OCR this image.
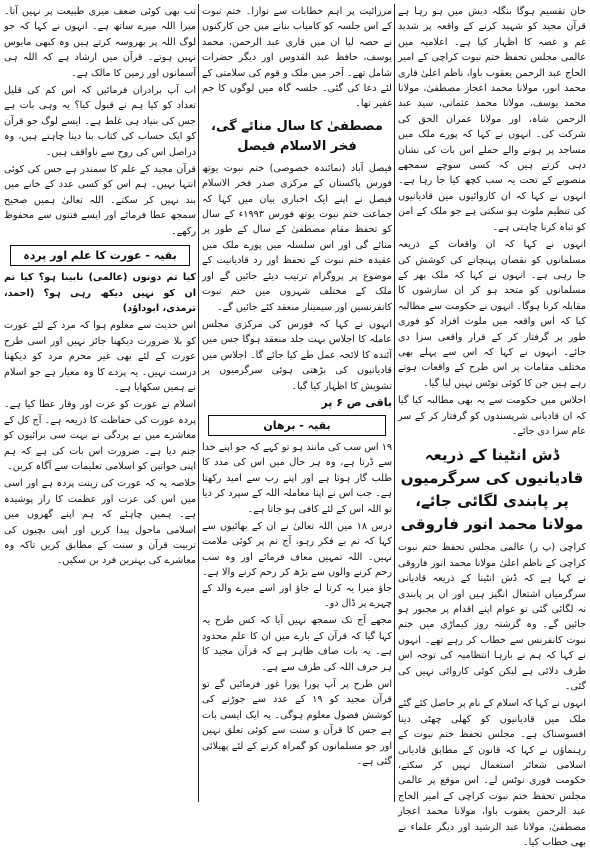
خان تقسیم ہوگا بنگلہ دیش میں ہو رہا ہے قرآن مجید کو شہید کرنے کے واقعہ پر شدید غم و غصہ کا اظہار کیا ہے۔ اعلامیہ میں عالمی مجلس تحفظ ختم نبوت کراچی کے امیر الحاج عبد الرحمن یعقوب باوا، ناظم اعلیٰ قاری محمد انور، مولانا محمد اعجاز مصطفیٰ، مولانا محمد یوسف، مولانا محمد عثمانی، سید عبد الرحمن شاہ، اور مولانا عمران الحق کی شرکت کی۔ انہوں نے کہا کہ پورے ملک میں مساجد پر ہونے والے حملے اس بات کی نشان دہی کرتے ہیں کہ کسی سوچے سمجھے منصوبے کے تحت یہ سب کچھ کیا جا رہا ہے۔ انہوں نے کہا کہ ان کاروائیوں میں قادیانیوں کی تنظیم ملوث ہو سکتی ہے جو ملک کے امن کو تباہ کرنا چاہتی ہے۔

انہوں نے کہا کہ ان واقعات کے ذریعہ مسلمانوں کو نقصان پہنچانے کی کوشش کی جا رہی ہے۔ انہوں نے کہا کہ ملک بھر کے مسلمانوں کو متحد ہو کر ان سازشوں کا مقابلہ کرنا ہوگا۔ انہوں نے حکومت سے مطالبہ کیا کہ اس واقعہ میں ملوث افراد کو فوری طور پر گرفتار کر کے قرار واقعی سزا دی جائے۔ انہوں نے کہا کہ اس سے پہلے بھی مختلف مقامات پر اس طرح کے واقعات ہوتے رہے ہیں جن کا کوئی نوٹس نہیں لیا گیا۔

اجلاس میں حکومت سے یہ بھی مطالبہ کیا گیا کہ ان قادیانی شرپسندوں کو گرفتار کر کے سر عام سزا دی جائے۔

ڈش انٹینا کے ذریعہ قادیانیوں کی سرگرمیوں پر پابندی لگائی جائے، مولانا محمد انور فاروقی

کراچی (پ ر) عالمی مجلس تحفظ ختم نبوت کراچی کے ناظم اعلیٰ مولانا محمد انور فاروقی نے کہا ہے کہ ڈش انٹینا کے ذریعہ قادیانی سرگرمیاں اشتعال انگیز ہیں اور ان پر پابندی نہ لگائی گئی تو عوام اپنے اقدام پر مجبور ہو جائیں گے۔ وہ گزشتہ روز کیماڑی میں ختم نبوت کانفرنس سے خطاب کر رہے تھے۔ انہوں نے کہا کہ ہم نے بارہا انتظامیہ کی توجہ اس طرف دلائی ہے لیکن کوئی کاروائی نہیں کی گئی۔

انہوں نے کہا کہ اسلام کے نام پر حاصل کئے گئے ملک میں قادیانیوں کو کھلی چھٹی دینا افسوسناک ہے۔ مجلس تحفظ ختم نبوت کے رہنماؤں نے کہا کہ قانون کے مطابق قادیانی اسلامی شعائر استعمال نہیں کر سکتے، حکومت فوری نوٹس لے۔ اس موقع پر عالمی مجلس تحفظ ختم نبوت کراچی کے امیر الحاج عبد الرحمن یعقوب باوا، مولانا محمد اعجاز مصطفیٰ، مولانا عبد الرشید اور دیگر علماء نے بھی خطاب کیا۔

مرزائیت پر اہم خطابات سے نوازا۔ ختم نبوت کے اس جلسہ کو کامیاب بنانے میں جن کارکنوں نے حصہ لیا ان میں قاری عبد الرحمن، محمد یوسف، حافظ عبد القدوس اور دیگر حضرات شامل تھے۔ آخر میں ملک و قوم کی سلامتی کے لئے دعا کی گئی۔ جلسہ گاہ میں لوگوں کا جم غفیر تھا۔

مصطفیٰ کا سال منائے گی، فخر الاسلام فیصل

فیصل آباد (نمائندہ خصوصی) ختم نبوت یوتھ فورس پاکستان کے مرکزی صدر فخر الاسلام فیصل نے اپنے ایک اخباری بیان میں کہا کہ جماعت ختم نبوت یوتھ فورس ۱۹۹۳ء کے سال کو تحفظ مقام مصطفیٰ کے سال کے طور پر منائے گی اور اس سلسلہ میں پورے ملک میں عقیدہ ختم نبوت کے تحفظ اور رد قادیانیت کے موضوع پر پروگرام ترتیب دیئے جائیں گے اور ملک کے مختلف شہروں میں ختم نبوت کانفرنسیں اور سیمینار منعقد کئے جائیں گے۔

انہوں نے کہا کہ فورس کی مرکزی مجلس عاملہ کا اجلاس بہت جلد منعقد ہوگا جس میں آئندہ کا لائحہ عمل طے کیا جائے گا۔ اجلاس میں قادیانیوں کی بڑھتی ہوئی سرگرمیوں پر تشویش کا اظہار کیا گیا۔

باقی ص ۶ پر
بقیہ - برھان

۱۹ اس سب کی مانند ہو تو کہے کہ جو اپنے خدا سے ڈرتا ہے، وہ ہر حال میں اس کی مدد کا طلب گار ہوتا ہے اور اپنے رب سے امید رکھتا ہے۔ جب اس نے اپنا معاملہ اللہ کے سپرد کر دیا تو اللہ اس کے لئے کافی ہو جاتا ہے۔

درس ۱۸ میں اللہ تعالیٰ نے ان کے بھائیوں سے کہا کہ تم بے فکر رہو، آج تم پر کوئی ملامت نہیں۔ اللہ تمہیں معاف فرمائے اور وہ سب رحم کرنے والوں سے بڑھ کر رحم کرنے والا ہے۔ جاؤ میرا یہ کرتا لے جاؤ اور اسے میرے والد کے چہرے پر ڈال دو۔

مجھے آج تک سمجھ نہیں آیا کہ کس طرح یہ کہا گیا کہ قرآن کے بارے میں ان کا علم محدود ہے۔ یہ بات صاف ظاہر ہے کہ قرآن مجید کا ہر حرف اللہ کی طرف سے ہے۔

اس طرح پر آپ پورا پورا غور فرمائیں گے تو قرآن مجید کو ۱۹ کے عدد سے جوڑنے کی کوشش فضول معلوم ہوگی۔ یہ ایک ایسی بات ہے جس کا قرآن و سنت سے کوئی تعلق نہیں اور جو مسلمانوں کو گمراہ کرنے کے لئے پھیلائی گئی ہے۔

تب بھی کوئی ضعف میری طبیعت پر نہیں آتا۔ میرا اللہ میرے ساتھ ہے۔ انہوں نے کہا کہ جو لوگ اللہ پر بھروسہ کرتے ہیں وہ کبھی مایوس نہیں ہوتے۔ قرآن میں ارشاد ہے کہ اللہ ہی آسمانوں اور زمین کا مالک ہے۔

اب آپ برادران فرمائیں کہ اس کم کی قلیل تعداد کو کیا ہم نے قبول کیا؟ یہ وہی بات ہے جس کی بنیاد ہی غلط ہے۔ ایسے لوگ جو قرآن کو ایک حساب کی کتاب بنا دینا چاہتے ہیں، وہ دراصل اس کی روح سے ناواقف ہیں۔

قرآن مجید کے علم کا سمندر ہے جس کی کوئی انتہا نہیں۔ ہم اس کو کسی عدد کے خانے میں بند نہیں کر سکتے۔ اللہ تعالیٰ ہمیں صحیح سمجھ عطا فرمائے اور ایسے فتنوں سے محفوظ رکھے۔

بقیہ - عورت کا علم اور پردہ

کیا تم دونوں (عالمی) نابینا ہو؟ کیا تم ان کو نہیں دیکھ رہی ہو؟ (احمد، ترمذی، ابوداؤد)

اس حدیث سے معلوم ہوا کہ مرد کے لئے عورت کو بلا ضرورت دیکھنا جائز نہیں اور اسی طرح عورت کے لئے بھی غیر محرم مرد کو دیکھنا درست نہیں۔ یہ پردے کا وہ معیار ہے جو اسلام نے ہمیں سکھایا ہے۔

اسلام نے عورت کو عزت اور وقار عطا کیا ہے۔ پردہ عورت کی حفاظت کا ذریعہ ہے۔ آج کل کے معاشرے میں بے پردگی نے بہت سی برائیوں کو جنم دیا ہے۔ ضرورت اس بات کی ہے کہ ہم اپنی خواتین کو اسلامی تعلیمات سے آگاہ کریں۔

خلاصہ یہ کہ عورت کی زینت پردہ ہے اور اسی میں اس کی عزت اور عظمت کا راز پوشیدہ ہے۔ ہمیں چاہئے کہ ہم اپنے گھروں میں اسلامی ماحول پیدا کریں اور اپنی بچیوں کی تربیت قرآن و سنت کے مطابق کریں تاکہ وہ معاشرے کی بہترین فرد بن سکیں۔
